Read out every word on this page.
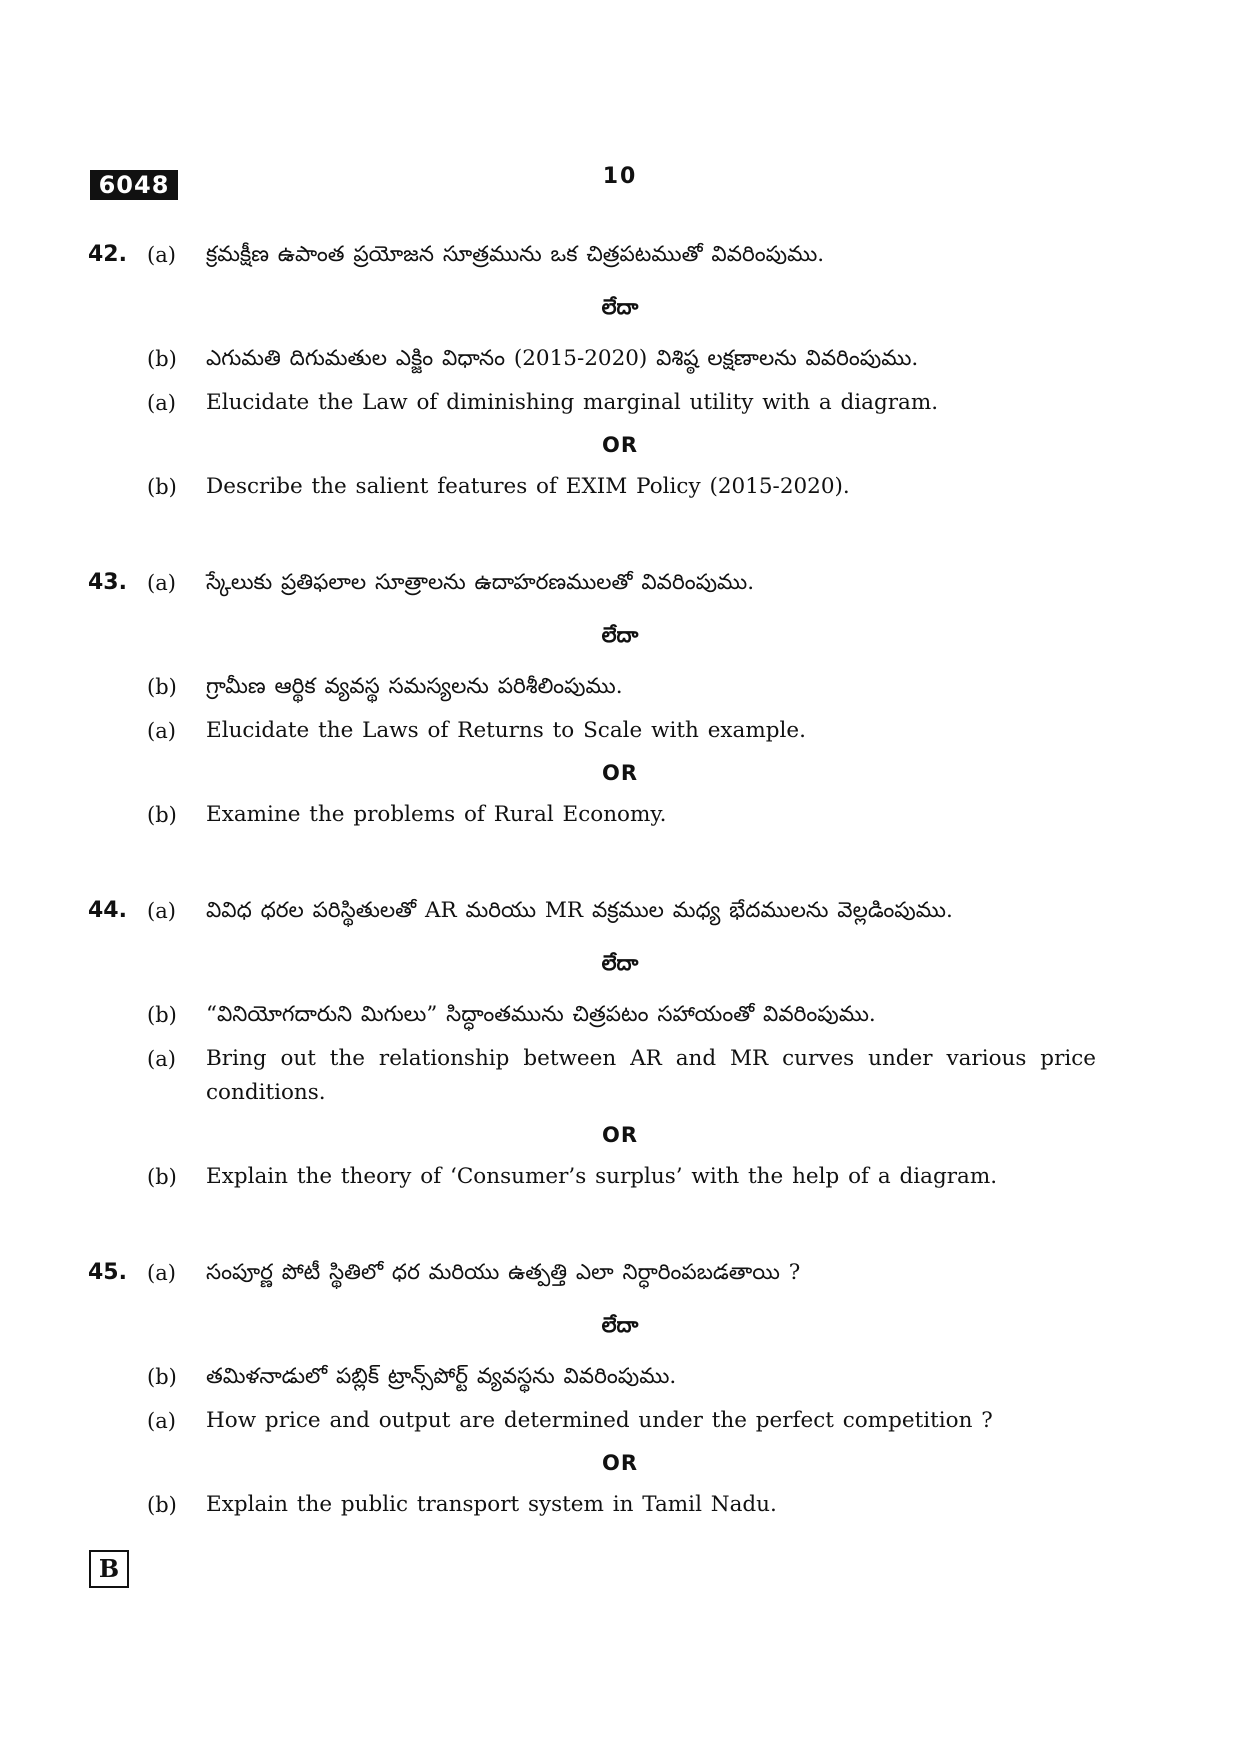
6048	10
42. (a) క్రమక్షీణ ఉపాంత ప్రయోజన సూత్రమును ఒక చిత్రపటముతో వివరింపుము.
లేదా
(b) ఎగుమతి దిగుమతుల ఎక్జిం విధానం (2015-2020) విశిష్ఠ లక్షణాలను వివరింపుము.
(a) Elucidate the Law of diminishing marginal utility with a diagram.
OR
(b) Describe the salient features of EXIM Policy (2015-2020).
43. (a) స్కేలుకు ప్రతిఫలాల సూత్రాలను ఉదాహరణములతో వివరింపుము.
లేదా
(b) గ్రామీణ ఆర్థిక వ్యవస్థ సమస్యలను పరిశీలింపుము.
(a) Elucidate the Laws of Returns to Scale with example.
OR
(b) Examine the problems of Rural Economy.
44. (a) వివిధ ధరల పరిస్థితులతో AR మరియు MR వక్రముల మధ్య భేదములను వెల్లడింపుము.
లేదా
(b) “వినియోగదారుని మిగులు” సిద్ధాంతమును చిత్రపటం సహాయంతో వివరింపుము.
(a) Bring out the relationship between AR and MR curves under various price conditions.
OR
(b) Explain the theory of ‘Consumer’s surplus’ with the help of a diagram.
45. (a) సంపూర్ణ పోటీ స్థితిలో ధర మరియు ఉత్పత్తి ఎలా నిర్ధారింపబడతాయి ?
లేదా
(b) తమిళనాడులో పబ్లిక్ ట్రాన్స్‌పోర్ట్ వ్యవస్థను వివరింపుము.
(a) How price and output are determined under the perfect competition ?
OR
(b) Explain the public transport system in Tamil Nadu.
B
